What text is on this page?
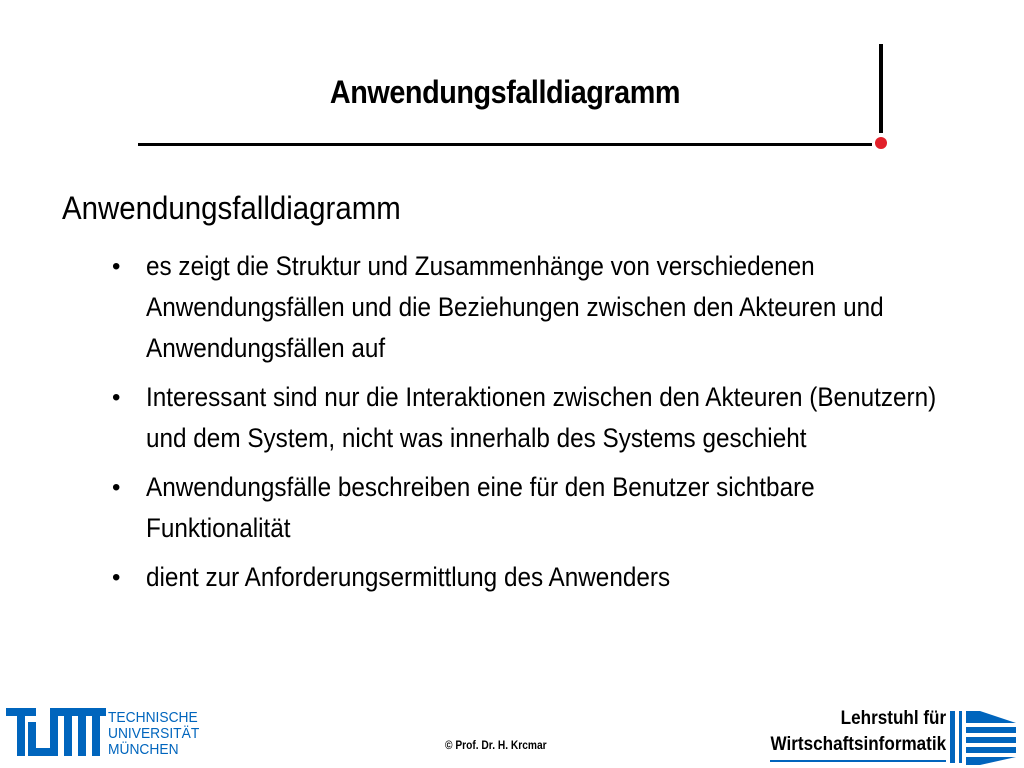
Anwendungsfalldiagramm
Anwendungsfalldiagramm
• es zeigt die Struktur und Zusammenhänge von verschiedenen Anwendungsfällen und die Beziehungen zwischen den Akteuren und Anwendungsfällen auf
• Interessant sind nur die Interaktionen zwischen den Akteuren (Benutzern) und dem System, nicht was innerhalb des Systems geschieht
• Anwendungsfälle beschreiben eine für den Benutzer sichtbare Funktionalität
• dient zur Anforderungsermittlung des Anwenders
TECHNISCHE
UNIVERSITÄT
MÜNCHEN	© Prof. Dr. H. Krcmar
Lehrstuhl für
Wirtschaftsinformatik
